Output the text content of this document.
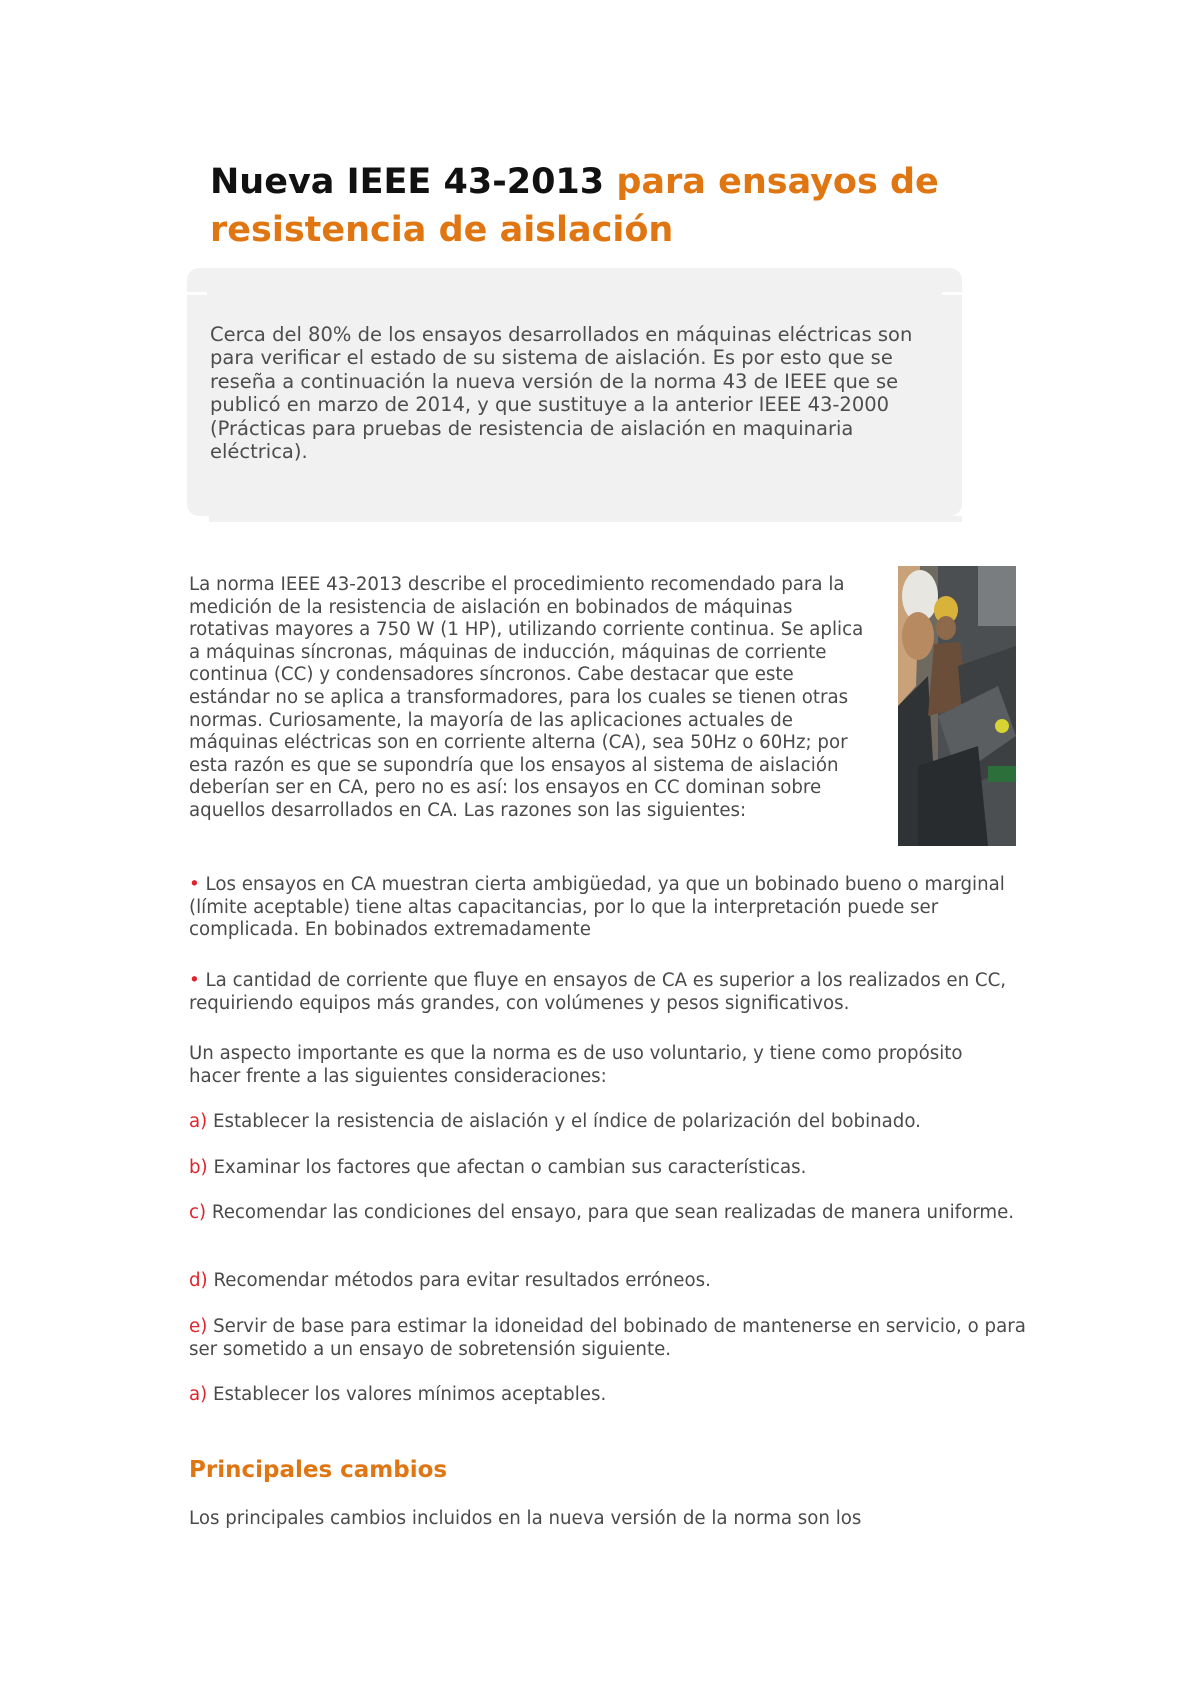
Nueva IEEE 43-2013 para ensayos de resistencia de aislación

Cerca del 80% de los ensayos desarrollados en máquinas eléctricas son para verificar el estado de su sistema de aislación. Es por esto que se reseña a continuación la nueva versión de la norma 43 de IEEE que se publicó en marzo de 2014, y que sustituye a la anterior IEEE 43-2000 (Prácticas para pruebas de resistencia de aislación en maquinaria eléctrica).

La norma IEEE 43-2013 describe el procedimiento recomendado para la medición de la resistencia de aislación en bobinados de máquinas rotativas mayores a 750 W (1 HP), utilizando corriente continua. Se aplica a máquinas síncronas, máquinas de inducción, máquinas de corriente continua (CC) y condensadores síncronos. Cabe destacar que este estándar no se aplica a transformadores, para los cuales se tienen otras normas. Curiosamente, la mayoría de las aplicaciones actuales de máquinas eléctricas son en corriente alterna (CA), sea 50Hz o 60Hz; por esta razón es que se supondría que los ensayos al sistema de aislación deberían ser en CA, pero no es así: los ensayos en CC dominan sobre aquellos desarrollados en CA. Las razones son las siguientes:

• Los ensayos en CA muestran cierta ambigüedad, ya que un bobinado bueno o marginal (límite aceptable) tiene altas capacitancias, por lo que la interpretación puede ser complicada. En bobinados extremadamente

• La cantidad de corriente que fluye en ensayos de CA es superior a los realizados en CC, requiriendo equipos más grandes, con volúmenes y pesos significativos.

Un aspecto importante es que la norma es de uso voluntario, y tiene como propósito hacer frente a las siguientes consideraciones:

a) Establecer la resistencia de aislación y el índice de polarización del bobinado.

b) Examinar los factores que afectan o cambian sus características.

c) Recomendar las condiciones del ensayo, para que sean realizadas de manera uniforme.

d) Recomendar métodos para evitar resultados erróneos.

e) Servir de base para estimar la idoneidad del bobinado de mantenerse en servicio, o para ser sometido a un ensayo de sobretensión siguiente.

a) Establecer los valores mínimos aceptables.

Principales cambios

Los principales cambios incluidos en la nueva versión de la norma son los
